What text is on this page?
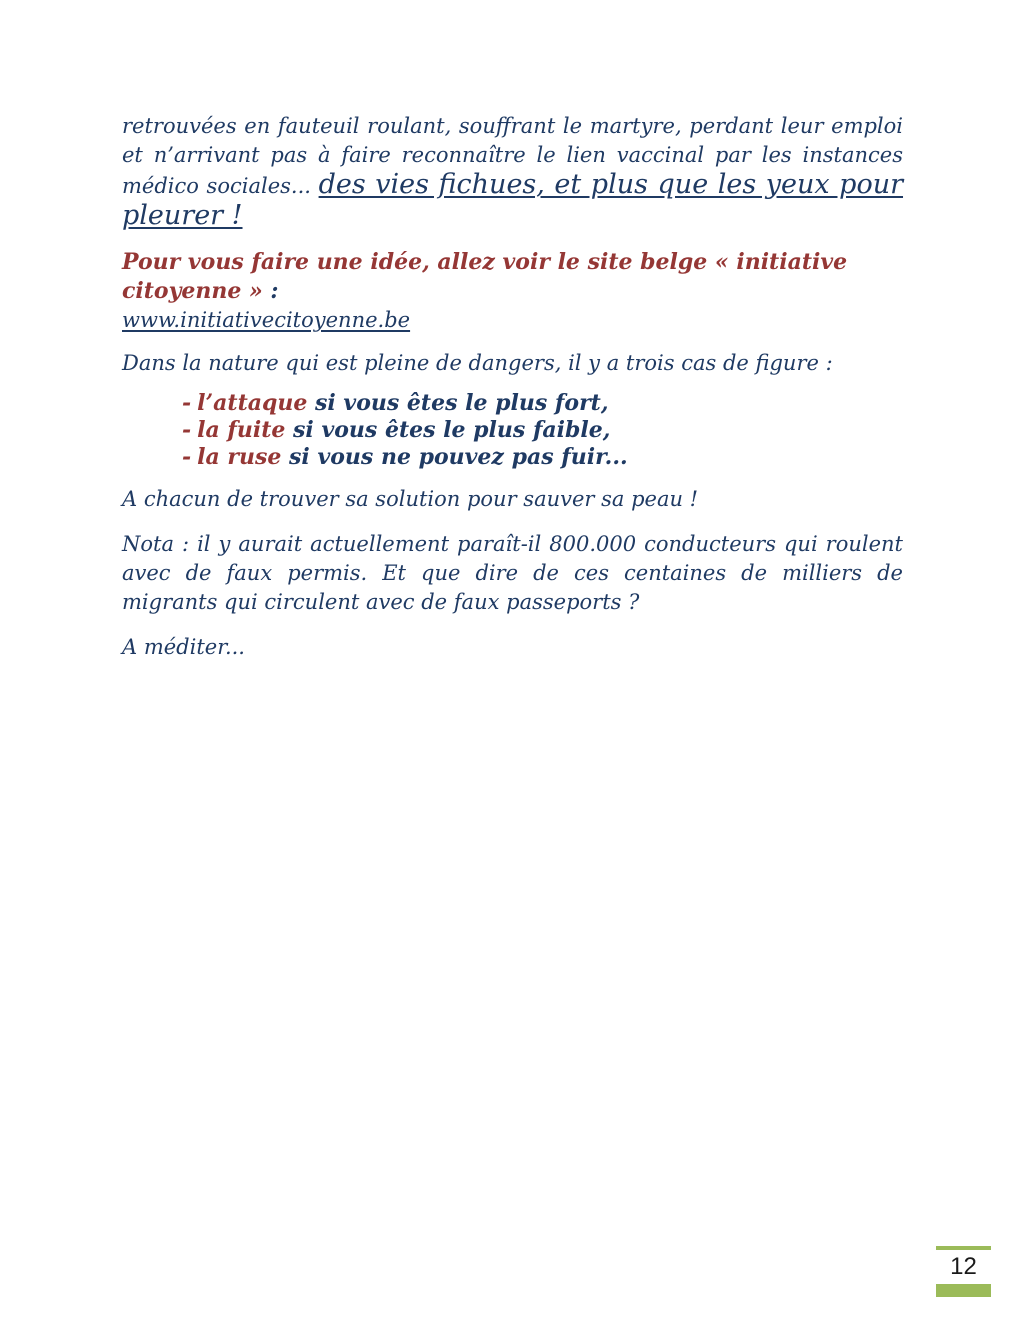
retrouvées en fauteuil roulant, souffrant le martyre, perdant leur emploi et n’arrivant pas à faire reconnaître le lien vaccinal par les instances médico sociales... des vies fichues, et plus que les yeux pour pleurer !

Pour vous faire une idée, allez voir le site belge « initiative citoyenne » :
www.initiativecitoyenne.be

Dans la nature qui est pleine de dangers, il y a trois cas de figure :

- l’attaque si vous êtes le plus fort,
- la fuite si vous êtes le plus faible,
- la ruse si vous ne pouvez pas fuir...

A chacun de trouver sa solution pour sauver sa peau !

Nota : il y aurait actuellement paraît-il 800.000 conducteurs qui roulent avec de faux permis. Et que dire de ces centaines de milliers de migrants qui circulent avec de faux passeports ?

A méditer...

12
